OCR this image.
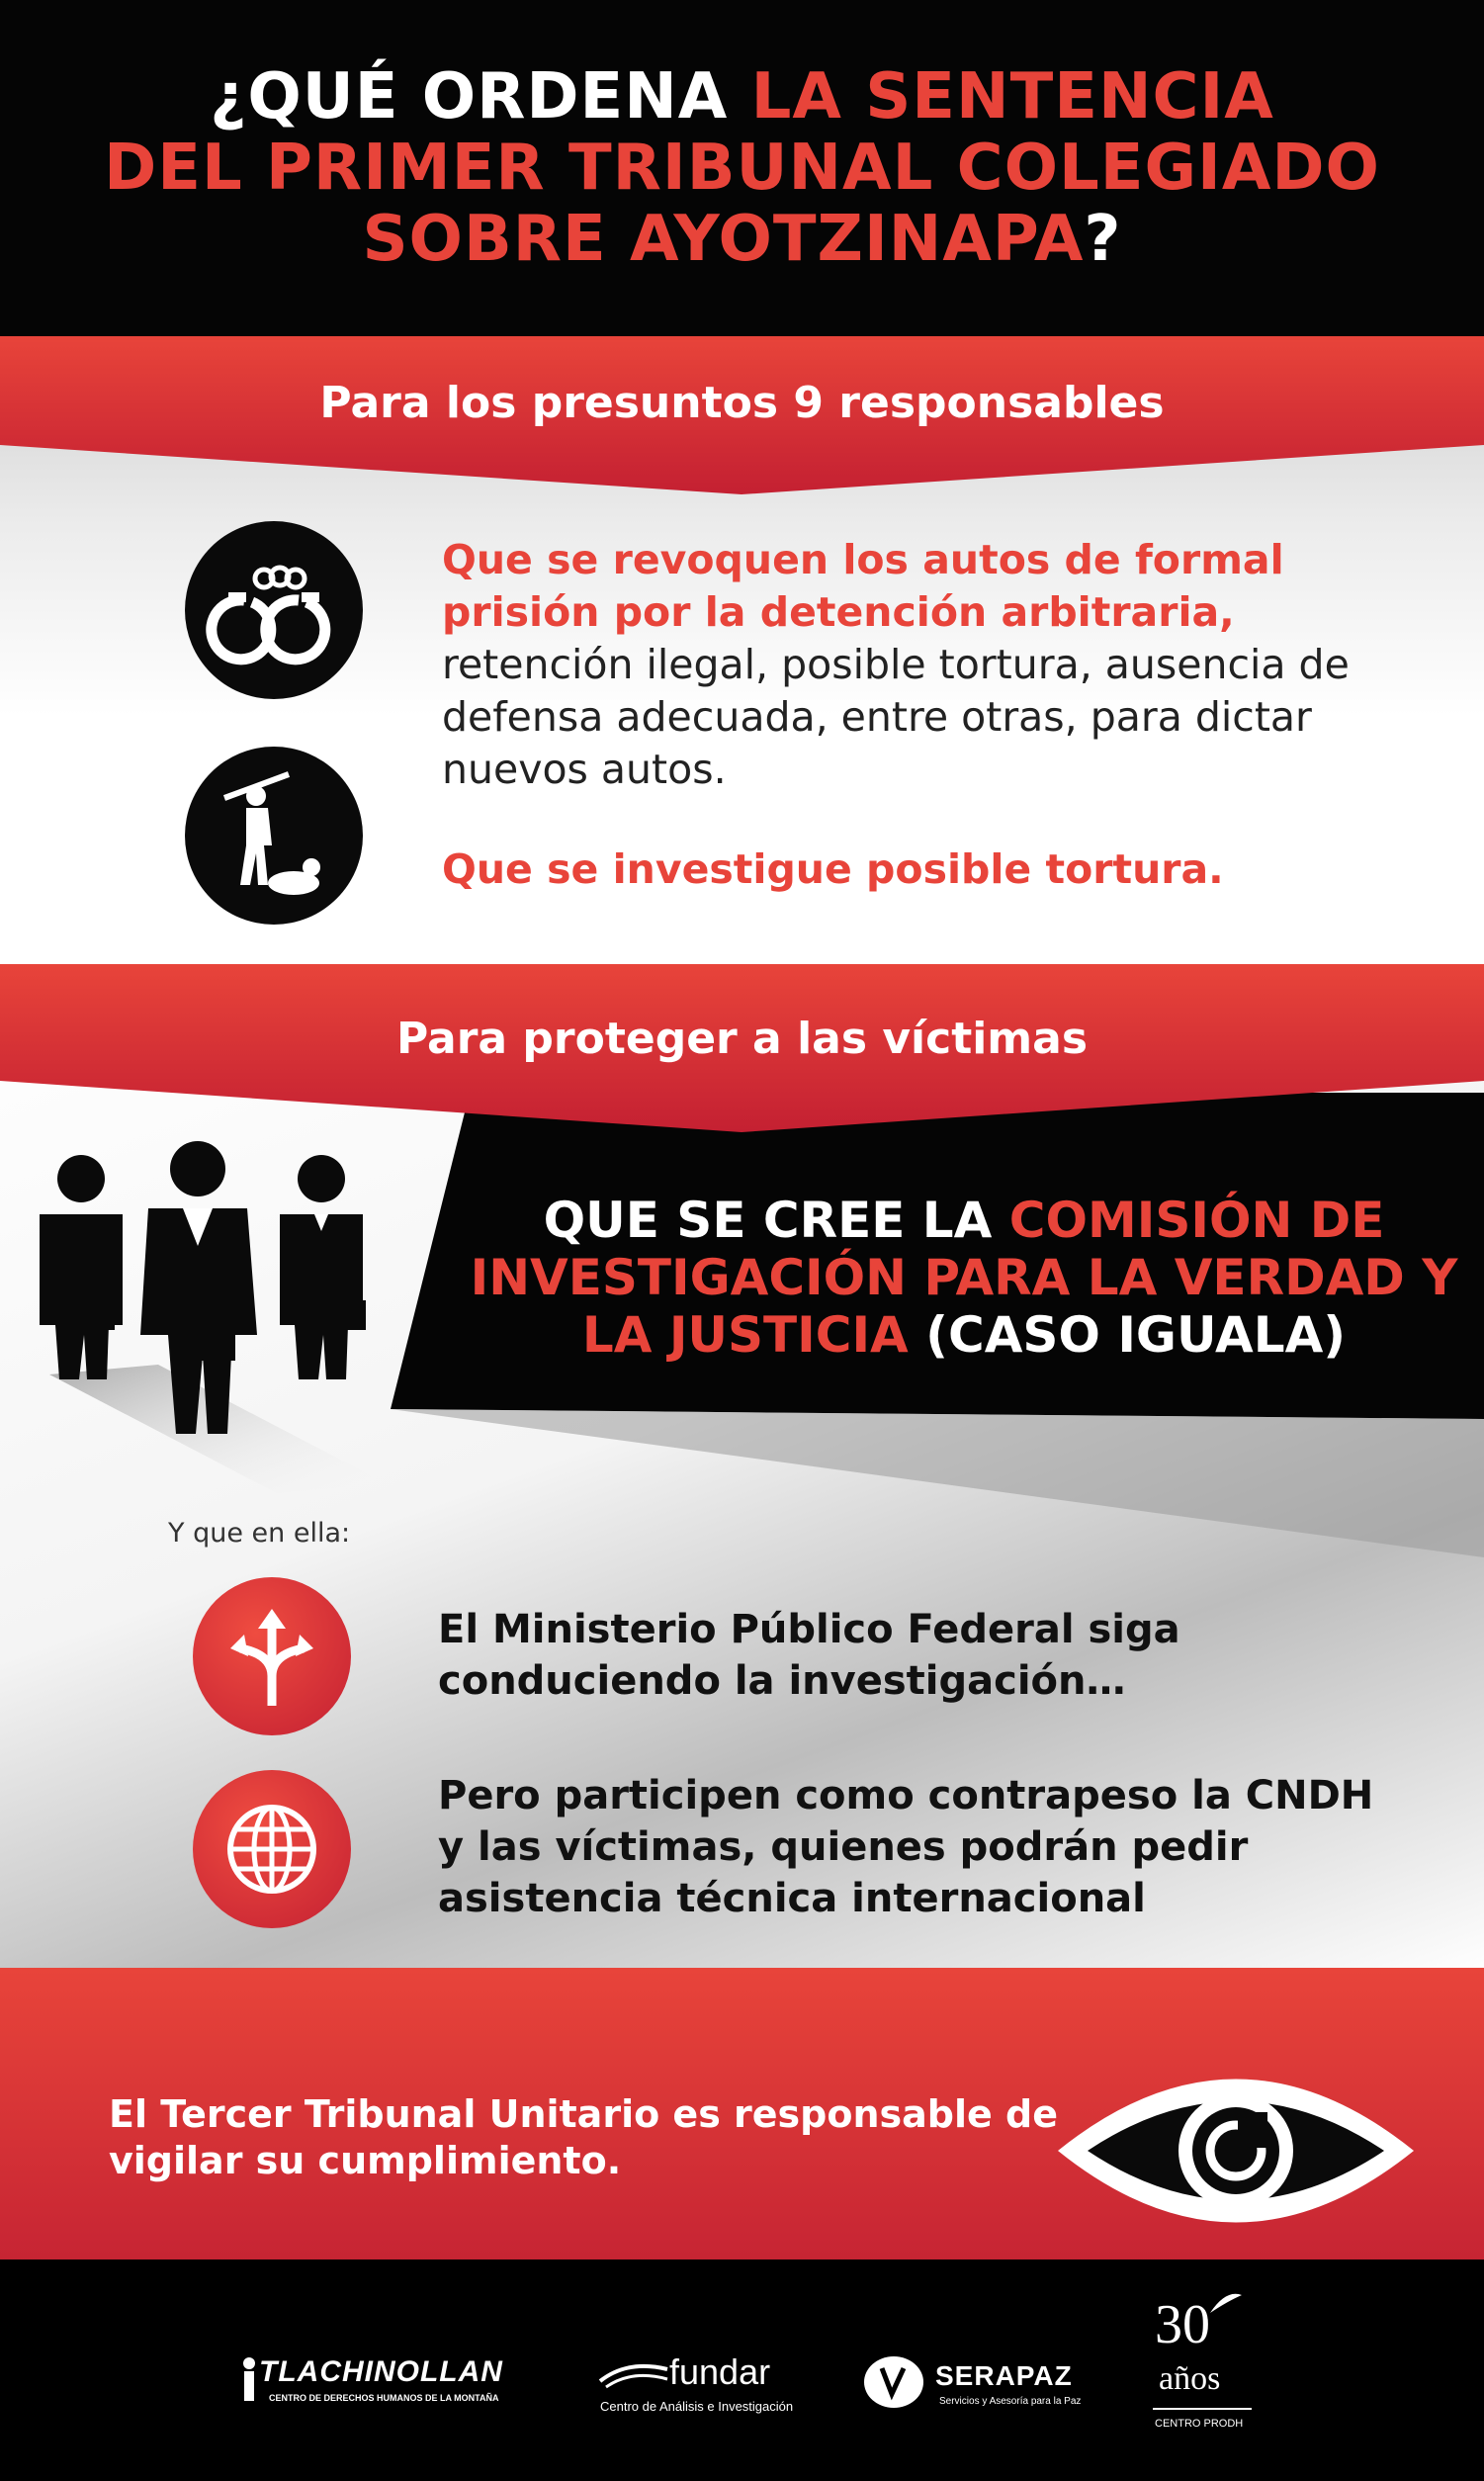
¿QUÉ ORDENA LA SENTENCIA
DEL PRIMER TRIBUNAL COLEGIADO
SOBRE AYOTZINAPA?
Para los presuntos 9 responsables
Que se revoquen los autos de formal prisión por la detención arbitraria, retención ilegal, posible tortura, ausencia de defensa adecuada, entre otras, para dictar nuevos autos.
Que se investigue posible tortura.
Para proteger a las víctimas
QUE SE CREE LA COMISIÓN DE INVESTIGACIÓN PARA LA VERDAD Y LA JUSTICIA (CASO IGUALA)
Y que en ella:
El Ministerio Público Federal siga conduciendo la investigación…
Pero participen como contrapeso la CNDH y las víctimas, quienes podrán pedir asistencia técnica internacional
El Tercer Tribunal Unitario es responsable de vigilar su cumplimiento.
TLACHINOLLAN
CENTRO DE DERECHOS HUMANOS DE LA MONTAÑA
fundar
Centro de Análisis e Investigación
SERAPAZ
Servicios y Asesoría para la Paz
30
años
CENTRO PRODH
